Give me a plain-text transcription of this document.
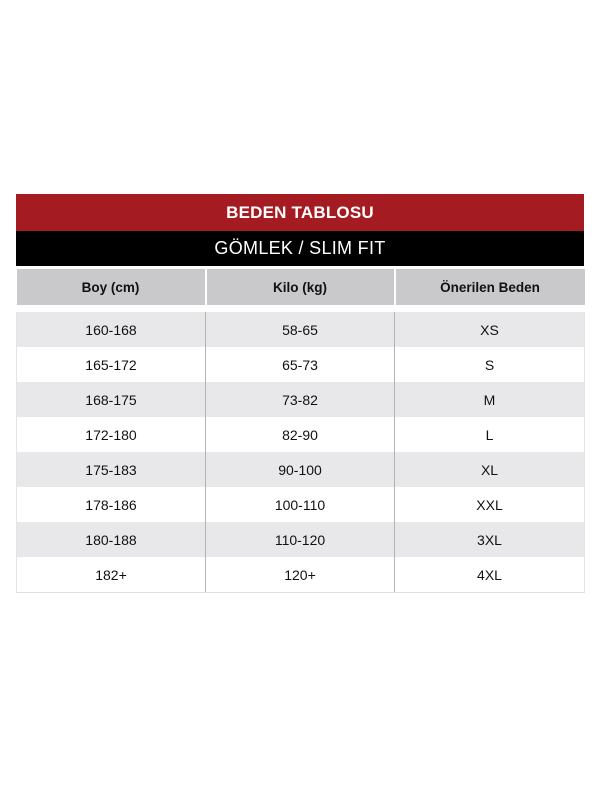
BEDEN TABLOSU
GÖMLEK / SLIM FIT
Boy (cm)	Kilo (kg)	Önerilen Beden
160-168	58-65	XS
165-172	65-73	S
168-175	73-82	M
172-180	82-90	L
175-183	90-100	XL
178-186	100-110	XXL
180-188	110-120	3XL
182+	120+	4XL
